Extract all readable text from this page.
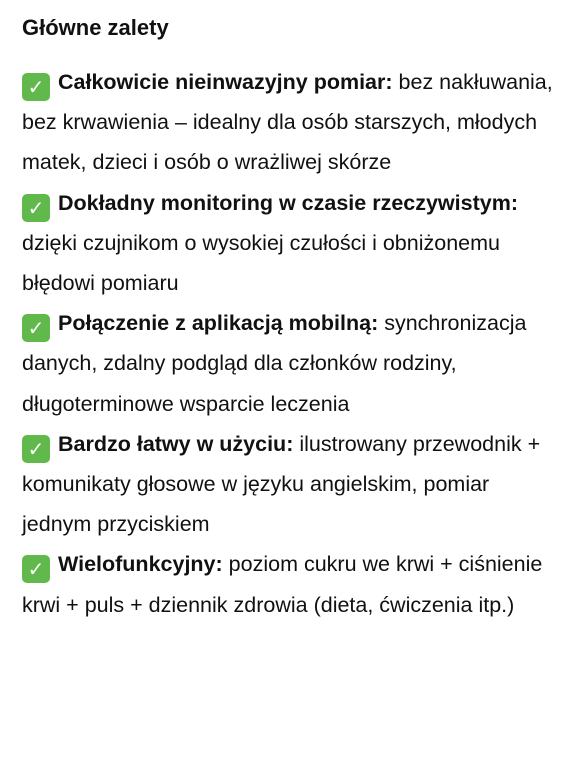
Główne zalety
✓ Całkowicie nieinwazyjny pomiar: bez nakłuwania, bez krwawienia – idealny dla osób starszych, młodych matek, dzieci i osób o wrażliwej skórze
✓ Dokładny monitoring w czasie rzeczywistym: dzięki czujnikom o wysokiej czułości i obniżonemu błędowi pomiaru
✓ Połączenie z aplikacją mobilną: synchronizacja danych, zdalny podgląd dla członków rodziny, długoterminowe wsparcie leczenia
✓ Bardzo łatwy w użyciu: ilustrowany przewodnik + komunikaty głosowe w języku angielskim, pomiar jednym przyciskiem
✓ Wielofunkcyjny: poziom cukru we krwi + ciśnienie krwi + puls + dziennik zdrowia (dieta, ćwiczenia itp.)
